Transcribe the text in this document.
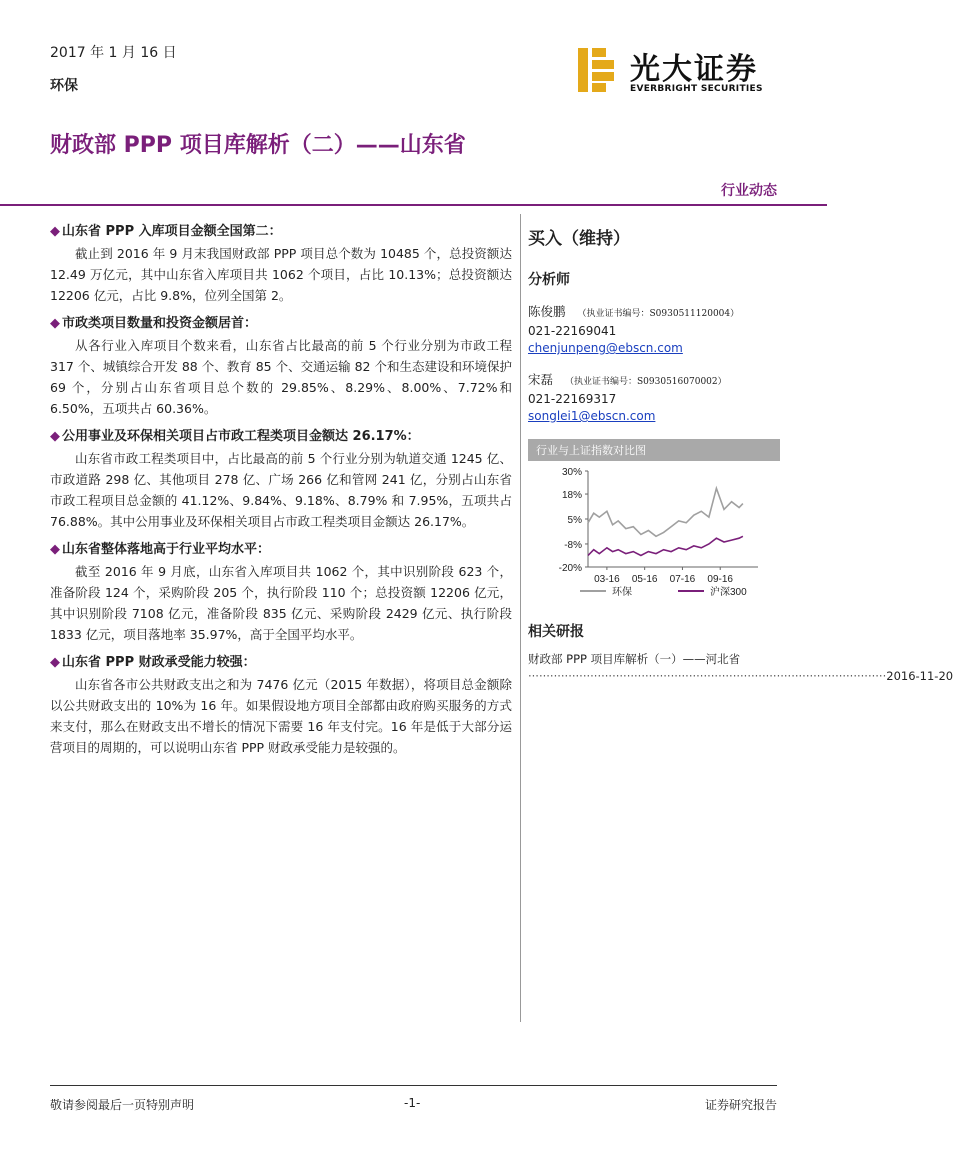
2017 年 1 月 16 日
环保	光大证券
EVERBRIGHT SECURITIES
财政部 PPP 项目库解析（二）——山东省
行业动态
◆ 山东省 PPP 入库项目金额全国第二：

截止到 2016 年 9 月末我国财政部 PPP 项目总个数为 10485 个，总投资额达 12.49 万亿元，其中山东省入库项目共 1062 个项目，占比 10.13%；总投资额达 12206 亿元，占比 9.8%，位列全国第 2。

◆ 市政类项目数量和投资金额居首：

从各行业入库项目个数来看，山东省占比最高的前 5 个行业分别为市政工程 317 个、城镇综合开发 88 个、教育 85 个、交通运输 82 个和生态建设和环境保护 69 个，分别占山东省项目总个数的 29.85%、8.29%、8.00%、7.72%和 6.50%，五项共占 60.36%。

◆ 公用事业及环保相关项目占市政工程类项目金额达 26.17%：

山东省市政工程类项目中，占比最高的前 5 个行业分别为轨道交通 1245 亿、市政道路 298 亿、其他项目 278 亿、广场 266 亿和管网 241 亿，分别占山东省市政工程项目总金额的 41.12%、9.84%、9.18%、8.79% 和 7.95%，五项共占 76.88%。其中公用事业及环保相关项目占市政工程类项目金额达 26.17%。

◆ 山东省整体落地高于行业平均水平：

截至 2016 年 9 月底，山东省入库项目共 1062 个，其中识别阶段 623 个，准备阶段 124 个，采购阶段 205 个，执行阶段 110 个；总投资额 12206 亿元，其中识别阶段 7108 亿元，准备阶段 835 亿元、采购阶段 2429 亿元、执行阶段 1833 亿元，项目落地率 35.97%，高于全国平均水平。

◆ 山东省 PPP 财政承受能力较强：

山东省各市公共财政支出之和为 7476 亿元（2015 年数据），将项目总金额除以公共财政支出的 10%为 16 年。如果假设地方项目全部都由政府购买服务的方式来支付，那么在财政支出不增长的情况下需要 16 年支付完。16 年是低于大部分运营项目的周期的，可以说明山东省 PPP 财政承受能力是较强的。

买入（维持）
分析师
陈俊鹏 （执业证书编号：S0930511120004）
021-22169041
chenjunpeng@ebscn.com
宋磊 （执业证书编号：S0930516070002）
021-22169317
songlei1@ebscn.com
行业与上证指数对比图
30%
18%
5%
-8%
-20%
03-16 05-16 07-16 09-16
环保	沪深300
相关研报
财政部 PPP 项目库解析（一）——河北省
·································································································· 2016-11-20
敬请参阅最后一页特别声明	-1-	证券研究报告
